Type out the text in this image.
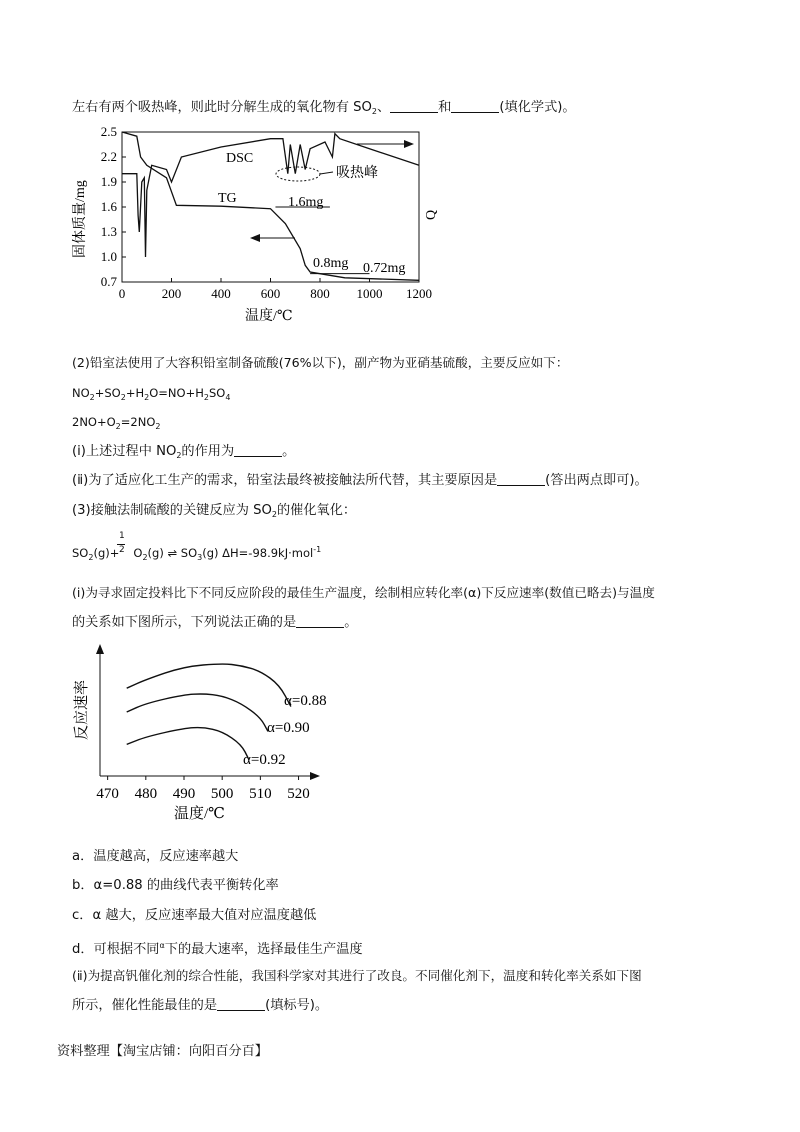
左右有两个吸热峰，则此时分解生成的氧化物有 $SO_2$、	和	(填化学式)。
0	200 400 600 800 1000 1200
0.7
1.0
1.3
1.6
1.9
2.2
2.5
DSC
TG	1.6mg
0.8mg 0.72mg
吸热峰
温度/℃
固体质量/mg	Q
(2)铅室法使用了大容积铅室制备硫酸(76%以下)，副产物为亚硝基硫酸，主要反应如下：
$NO_2+SO_2+H_2O=NO+H_2SO_4$
$2NO+O_2=2NO_2$
(ⅰ)上述过程中 $NO_2$的作用为	。
(ⅱ)为了适应化工生产的需求，铅室法最终被接触法所代替，其主要原因是	(答出两点即可)。
(3)接触法制硫酸的关键反应为 $SO_2$的催化氧化：
1
2
$SO_2(g)+ O_2(g)$ ⇌ $SO_3(g)$ ΔH=-98.9kJ·mol$^{-1}$
(ⅰ)为寻求固定投料比下不同反应阶段的最佳生产温度，绘制相应转化率(α)下反应速率(数值已略去)与温度
的关系如下图所示，下列说法正确的是	。
470 480 490 500 510 520
α=0.88
α=0.90
α=0.92
温度/℃
反应速率
a．温度越高，反应速率越大
b．α=0.88 的曲线代表平衡转化率
c．α 越大，反应速率最大值对应温度越低
d．可根据不同$^\alpha$下的最大速率，选择最佳生产温度
(ⅱ)为提高钒催化剂的综合性能，我国科学家对其进行了改良。不同催化剂下，温度和转化率关系如下图
所示，催化性能最佳的是	(填标号)。
资料整理【淘宝店铺：向阳百分百】
